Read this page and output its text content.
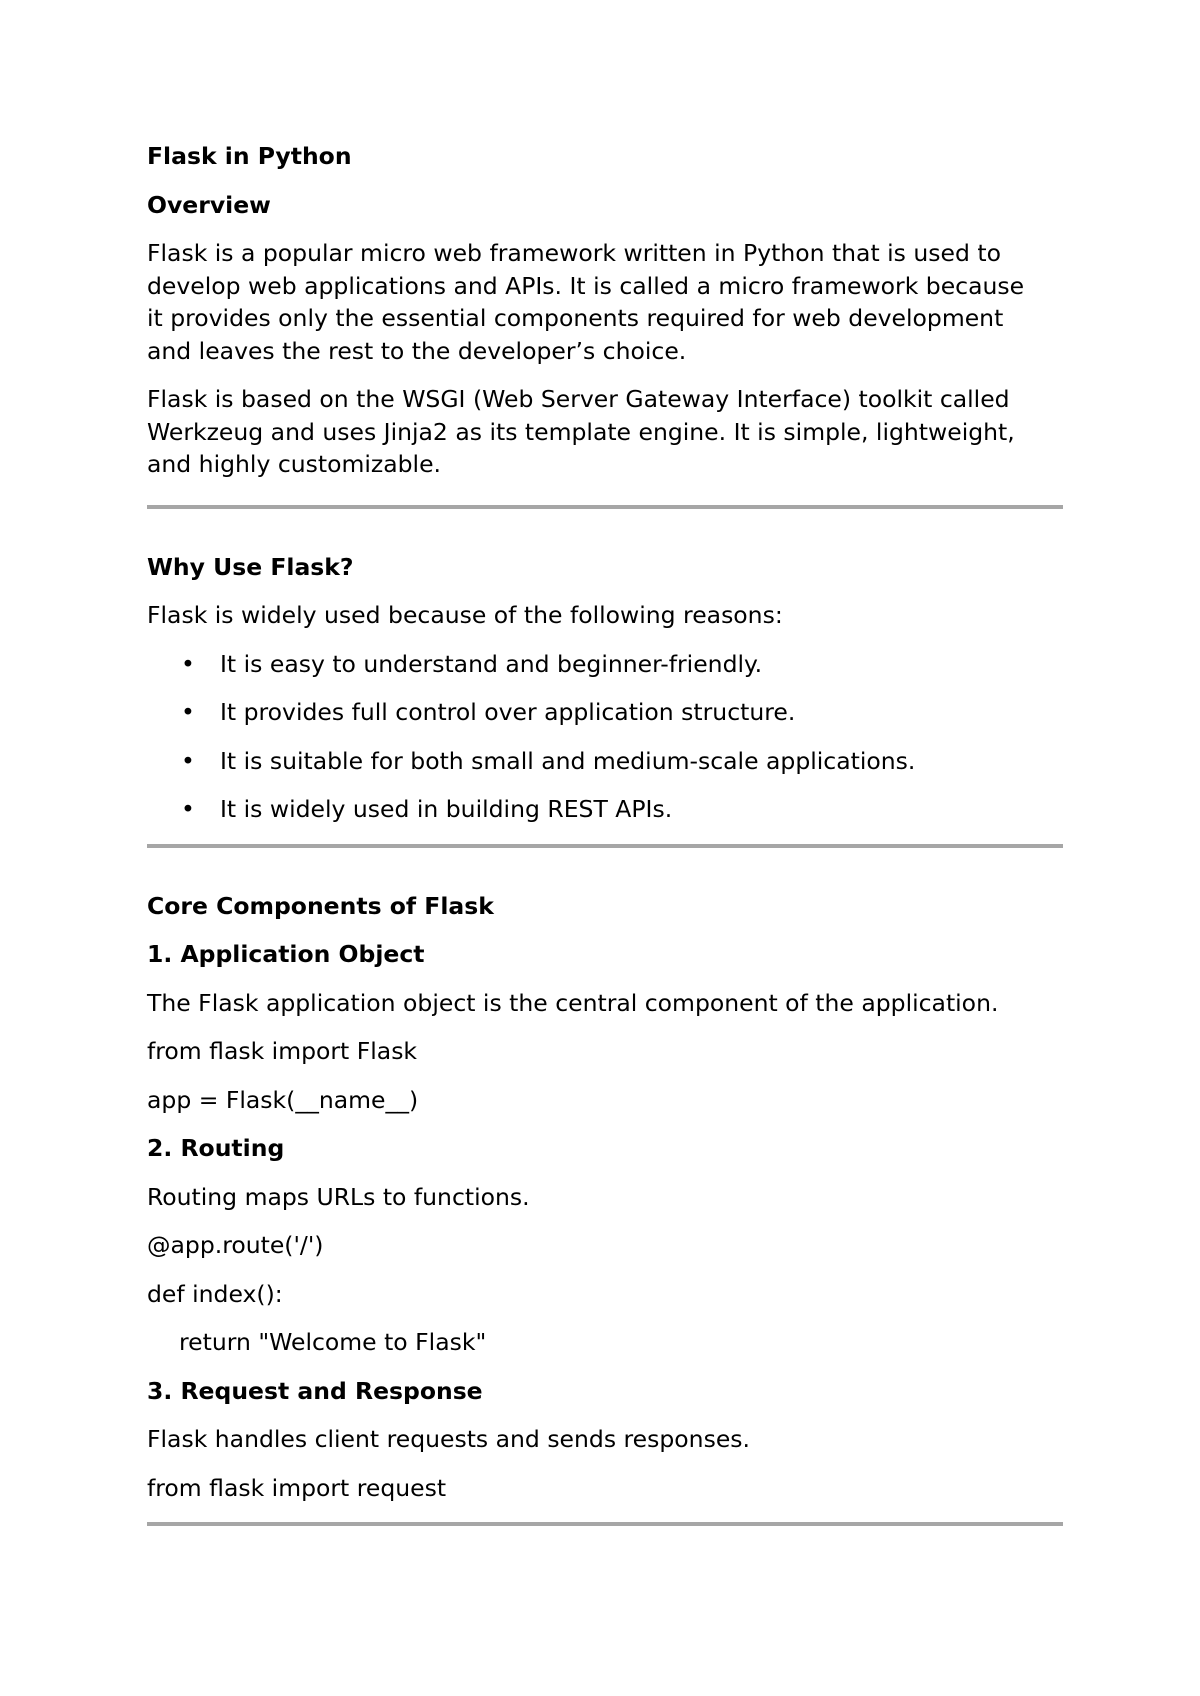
Flask in Python

Overview

Flask is a popular micro web framework written in Python that is used to

develop web applications and APIs. It is called a micro framework because

it provides only the essential components required for web development

and leaves the rest to the developer’s choice.

Flask is based on the WSGI (Web Server Gateway Interface) toolkit called

Werkzeug and uses Jinja2 as its template engine. It is simple, lightweight,

and highly customizable.

Why Use Flask?

Flask is widely used because of the following reasons:

• It is easy to understand and beginner-friendly.
• It provides full control over application structure.
• It is suitable for both small and medium-scale applications.
• It is widely used in building REST APIs.

Core Components of Flask

1. Application Object

The Flask application object is the central component of the application.

from flask import Flask

app = Flask(__name__)

2. Routing

Routing maps URLs to functions.

@app.route('/')

def index():

return "Welcome to Flask"

3. Request and Response

Flask handles client requests and sends responses.

from flask import request
